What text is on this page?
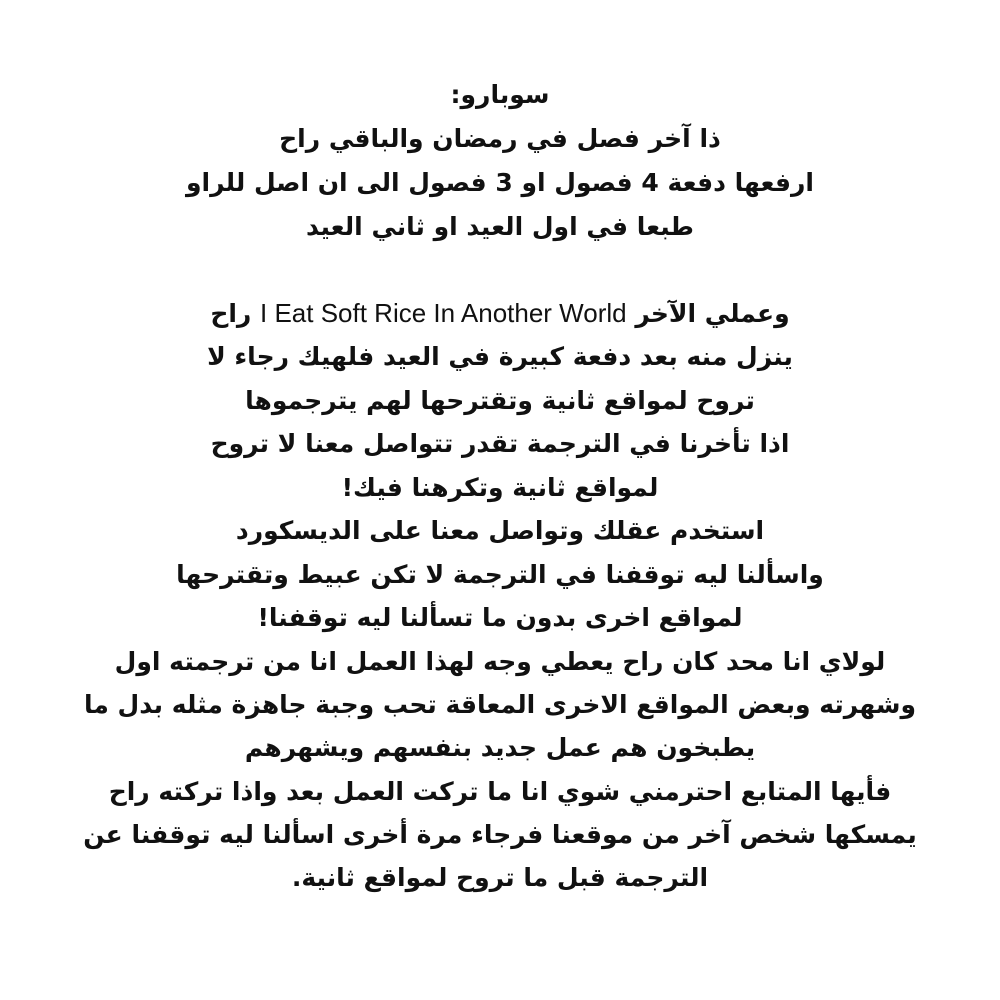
سوبارو:
ذا آخر فصل في رمضان والباقي راح
ارفعها دفعة 4 فصول او 3 فصول الى ان اصل للراو
طبعا في اول العيد او ثاني العيد
وعملي الآخر I Eat Soft Rice In Another World راح
ينزل منه بعد دفعة كبيرة في العيد فلهيك رجاء لا
تروح لمواقع ثانية وتقترحها لهم يترجموها
اذا تأخرنا في الترجمة تقدر تتواصل معنا لا تروح
لمواقع ثانية وتكرهنا فيك!
استخدم عقلك وتواصل معنا على الديسكورد
واسألنا ليه توقفنا في الترجمة لا تكن عبيط وتقترحها
لمواقع اخرى بدون ما تسألنا ليه توقفنا!
لولاي انا محد كان راح يعطي وجه لهذا العمل انا من ترجمته اول
وشهرته وبعض المواقع الاخرى المعاقة تحب وجبة جاهزة مثله بدل ما
يطبخون هم عمل جديد بنفسهم ويشهرهم
فأيها المتابع احترمني شوي انا ما تركت العمل بعد واذا تركته راح
يمسكها شخص آخر من موقعنا فرجاء مرة أخرى اسألنا ليه توقفنا عن
الترجمة قبل ما تروح لمواقع ثانية.
